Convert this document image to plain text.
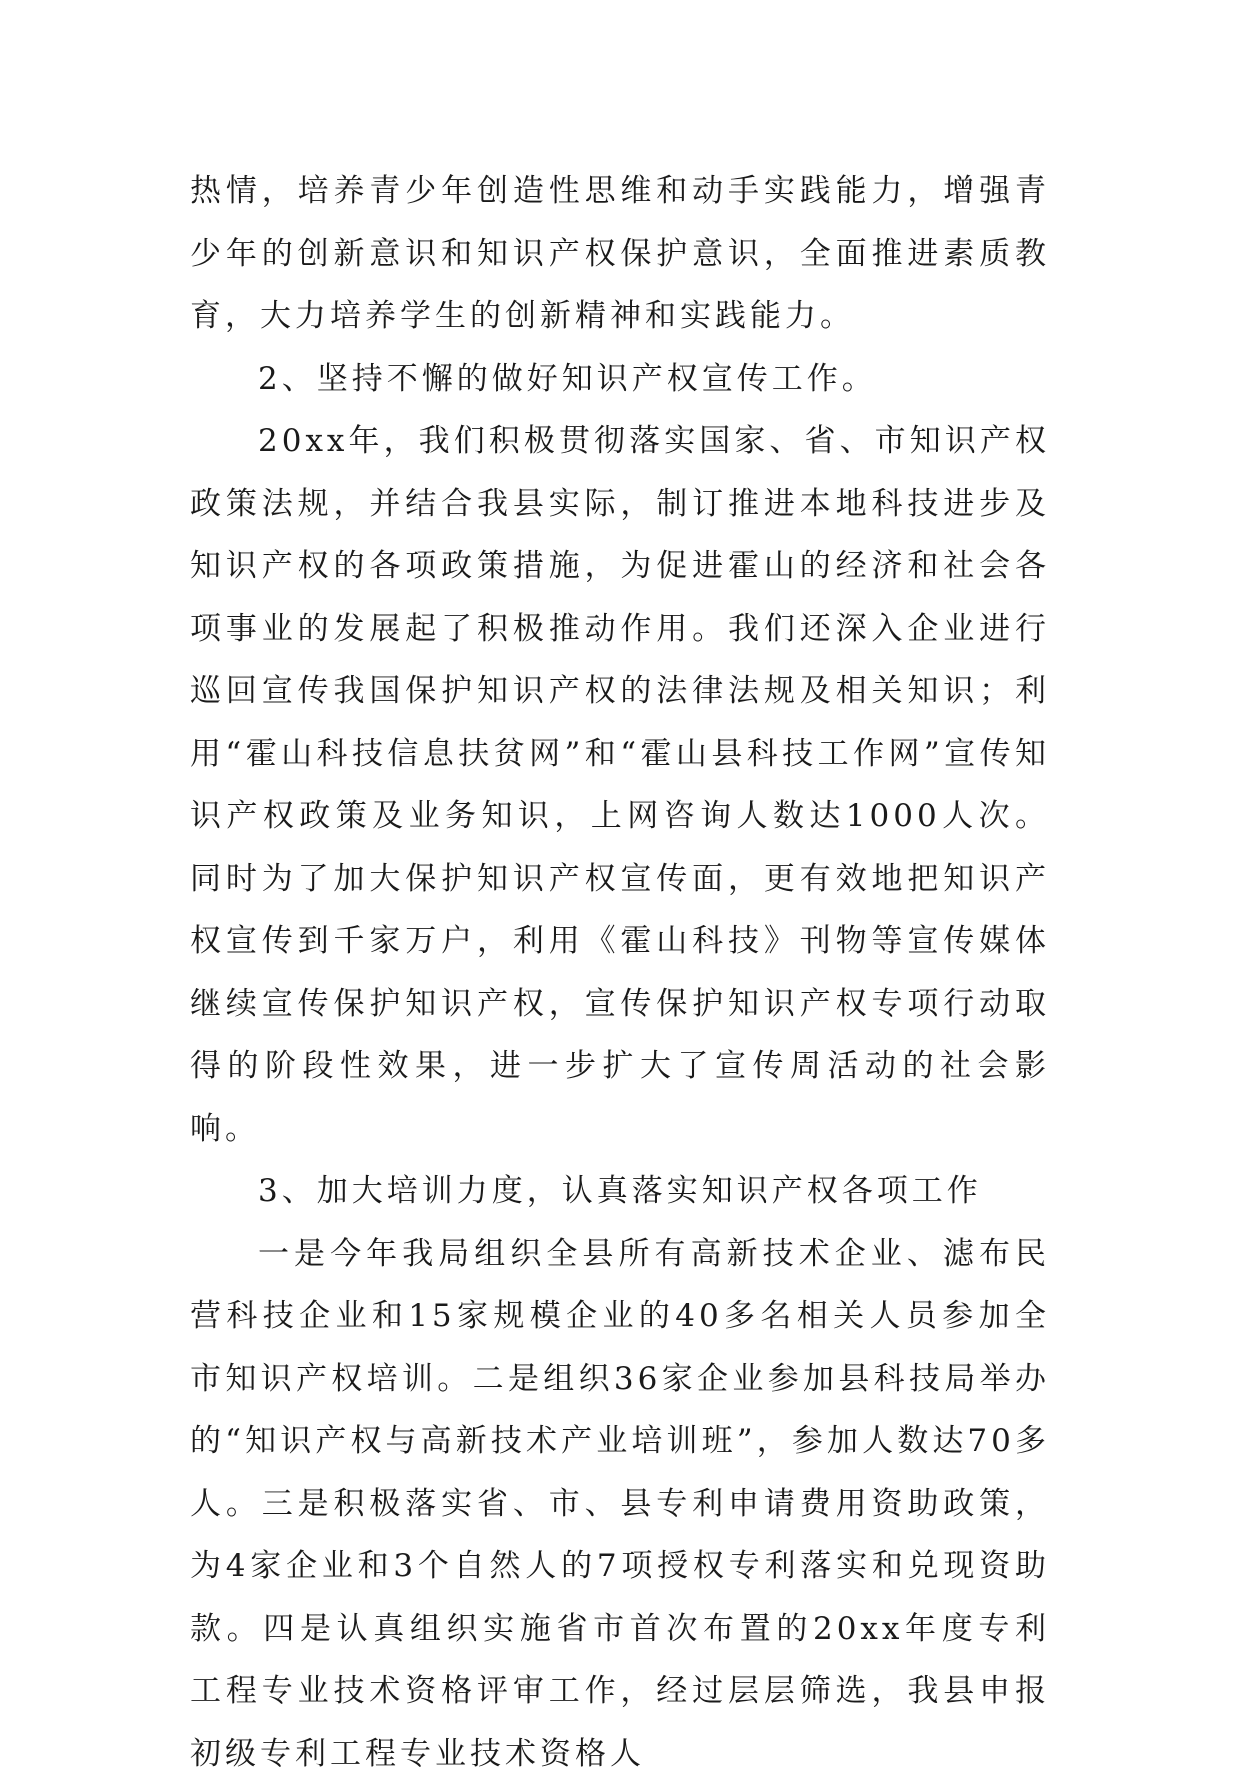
热情，培养青少年创造性思维和动手实践能力，增强青少年的创新意识和知识产权保护意识，全面推进素质教育，大力培养学生的创新精神和实践能力。

2、坚持不懈的做好知识产权宣传工作。

20xx年，我们积极贯彻落实国家、省、市知识产权政策法规，并结合我县实际，制订推进本地科技进步及知识产权的各项政策措施，为促进霍山的经济和社会各项事业的发展起了积极推动作用。我们还深入企业进行巡回宣传我国保护知识产权的法律法规及相关知识；利用“霍山科技信息扶贫网”和“霍山县科技工作网”宣传知识产权政策及业务知识，上网咨询人数达1000人次。同时为了加大保护知识产权宣传面，更有效地把知识产权宣传到千家万户，利用《霍山科技》刊物等宣传媒体继续宣传保护知识产权，宣传保护知识产权专项行动取得的阶段性效果，进一步扩大了宣传周活动的社会影响。

3、加大培训力度，认真落实知识产权各项工作

一是今年我局组织全县所有高新技术企业、滤布民营科技企业和15家规模企业的40多名相关人员参加全市知识产权培训。二是组织36家企业参加县科技局举办的“知识产权与高新技术产业培训班”，参加人数达70多人。三是积极落实省、市、县专利申请费用资助政策，为4家企业和3个自然人的7项授权专利落实和兑现资助款。四是认真组织实施省市首次布置的20xx年度专利工程专业技术资格评审工作，经过层层筛选，我县申报初级专利工程专业技术资格人
